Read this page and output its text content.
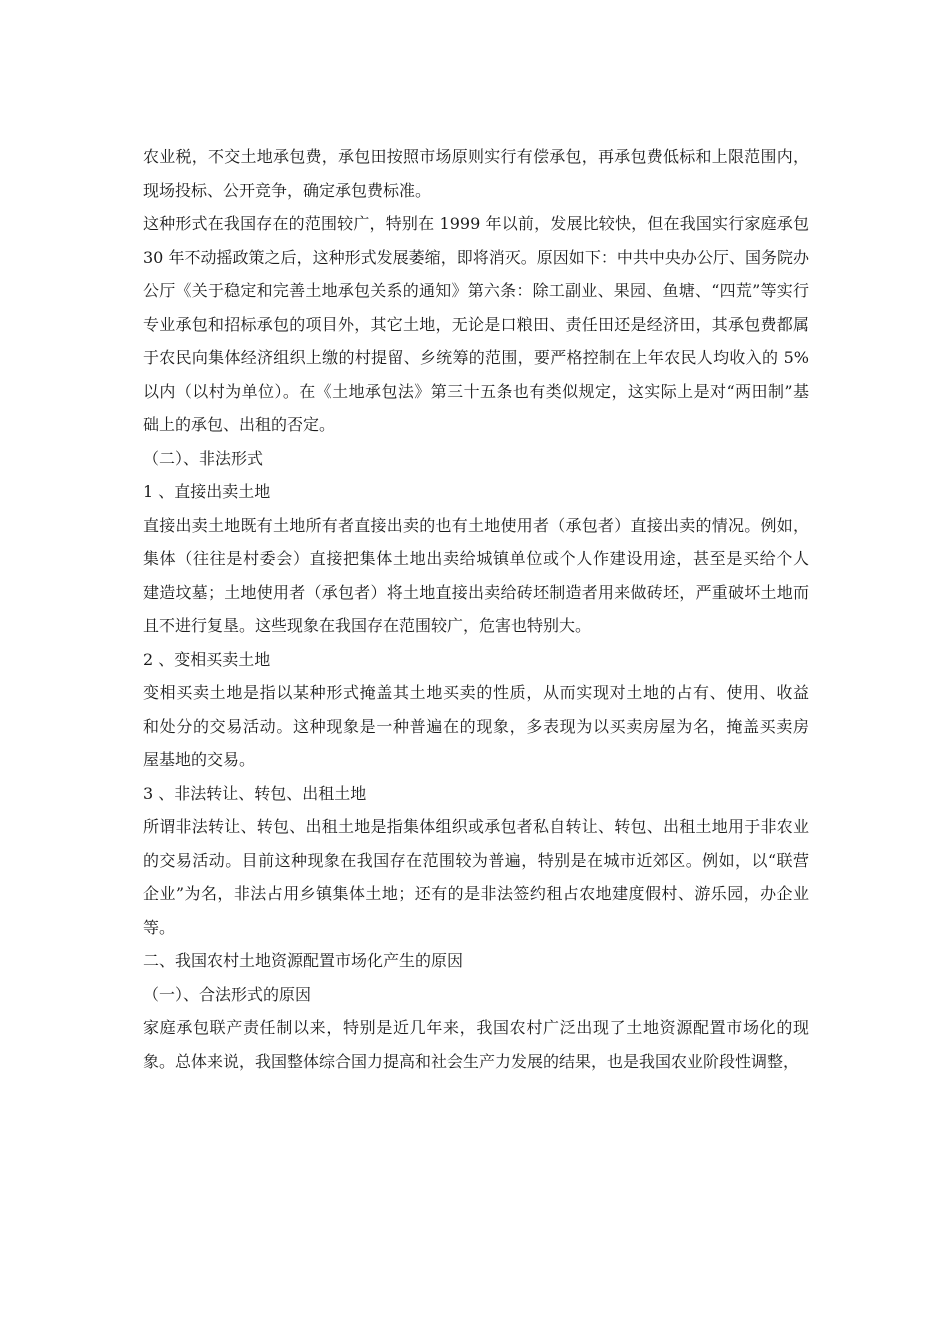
农业税，不交土地承包费，承包田按照市场原则实行有偿承包，再承包费低标和上限范围内，
现场投标、公开竞争，确定承包费标准。
这种形式在我国存在的范围较广，特别在 1999 年以前，发展比较快，但在我国实行家庭承包
30 年不动摇政策之后，这种形式发展萎缩，即将消灭。原因如下：中共中央办公厅、国务院办
公厅《关于稳定和完善土地承包关系的通知》第六条：除工副业、果园、鱼塘、“四荒”等实行
专业承包和招标承包的项目外，其它土地，无论是口粮田、责任田还是经济田，其承包费都属
于农民向集体经济组织上缴的村提留、乡统筹的范围，要严格控制在上年农民人均收入的 5%
以内（以村为单位）。在《土地承包法》第三十五条也有类似规定，这实际上是对“两田制”基
础上的承包、出租的否定。

（二）、非法形式

1 、直接出卖土地

直接出卖土地既有土地所有者直接出卖的也有土地使用者（承包者）直接出卖的情况。例如，
集体（往往是村委会）直接把集体土地出卖给城镇单位或个人作建设用途，甚至是买给个人
建造坟墓；土地使用者（承包者）将土地直接出卖给砖坯制造者用来做砖坯，严重破坏土地而
且不进行复垦。这些现象在我国存在范围较广，危害也特别大。

2 、变相买卖土地

变相买卖土地是指以某种形式掩盖其土地买卖的性质，从而实现对土地的占有、使用、收益
和处分的交易活动。这种现象是一种普遍在的现象，多表现为以买卖房屋为名，掩盖买卖房
屋基地的交易。

3 、非法转让、转包、出租土地

所谓非法转让、转包、出租土地是指集体组织或承包者私自转让、转包、出租土地用于非农业
的交易活动。目前这种现象在我国存在范围较为普遍，特别是在城市近郊区。例如，以“联营
企业”为名，非法占用乡镇集体土地；还有的是非法签约租占农地建度假村、游乐园，办企业
等。

二、我国农村土地资源配置市场化产生的原因

（一）、合法形式的原因

家庭承包联产责任制以来，特别是近几年来，我国农村广泛出现了土地资源配置市场化的现
象。总体来说，我国整体综合国力提高和社会生产力发展的结果，也是我国农业阶段性调整，
